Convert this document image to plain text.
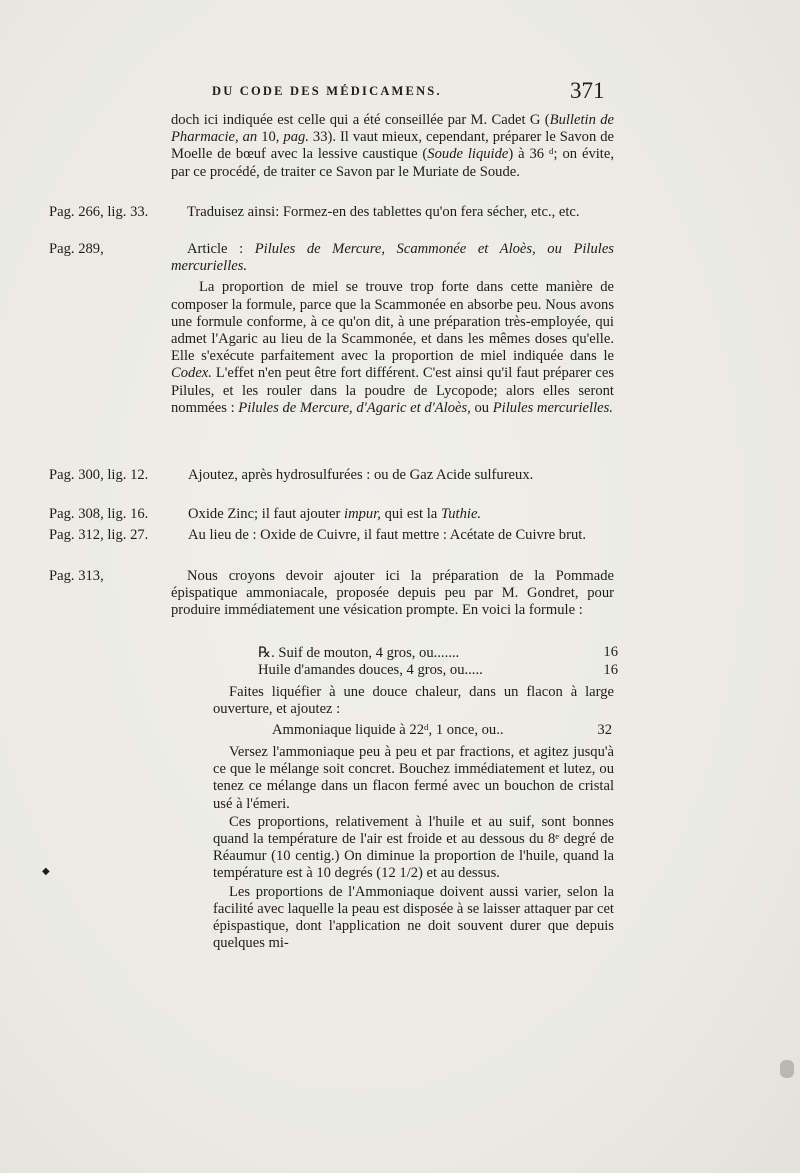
DU CODE DES MÉDICAMENS.	371

doch ici indiquée est celle qui a été conseillée par M. Cadet G (Bulletin de Pharmacie, an 10, pag. 33). Il vaut mieux, cependant, préparer le Savon de Moelle de bœuf avec la lessive caustique (Soude liquide) à 36 ᵈ; on évite, par ce procédé, de traiter ce Savon par le Muriate de Soude.

Pag. 266, lig. 33.	Traduisez ainsi: Formez-en des tablettes qu'on fera sécher, etc., etc.

Pag. 289,	Article : Pilules de Mercure, Scammonée et Aloès, ou Pilules mercurielles.

La proportion de miel se trouve trop forte dans cette manière de composer la formule, parce que la Scammonée en absorbe peu. Nous avons une formule conforme, à ce qu'on dit, à une préparation très-employée, qui admet l'Agaric au lieu de la Scammonée, et dans les mêmes doses qu'elle. Elle s'exécute parfaitement avec la proportion de miel indiquée dans le Codex. L'effet n'en peut être fort différent. C'est ainsi qu'il faut préparer ces Pilules, et les rouler dans la poudre de Lycopode; alors elles seront nommées : Pilules de Mercure, d'Agaric et d'Aloès, ou Pilules mercurielles.

Pag. 300, lig. 12.	Ajoutez, après hydrosulfurées : ou de Gaz Acide sulfureux.

Pag. 308, lig. 16.	Oxide Zinc; il faut ajouter impur, qui est la Tuthie.

Pag. 312, lig. 27.	Au lieu de : Oxide de Cuivre, il faut mettre : Acétate de Cuivre brut.

Pag. 313,	Nous croyons devoir ajouter ici la préparation de la Pommade épispatique ammoniacale, proposée depuis peu par M. Gondret, pour produire immédiatement une vésication prompte. En voici la formule :

℞. Suif de mouton, 4 gros, ou.......	16
Huile d'amandes douces, 4 gros, ou.....	16

Faites liquéfier à une douce chaleur, dans un flacon à large ouverture, et ajoutez :

Ammoniaque liquide à 22ᵈ, 1 once, ou..	32

Versez l'ammoniaque peu à peu et par fractions, et agitez jusqu'à ce que le mélange soit concret. Bouchez immédiatement et lutez, ou tenez ce mélange dans un flacon fermé avec un bouchon de cristal usé à l'émeri.

Ces proportions, relativement à l'huile et au suif, sont bonnes quand la température de l'air est froide et au dessous du 8ᵉ degré de Réaumur (10 centig.) On diminue la proportion de l'huile, quand la température est à 10 degrés (12 1/2) et au dessus.

Les proportions de l'Ammoniaque doivent aussi varier, selon la facilité avec laquelle la peau est disposée à se laisser attaquer par cet épispastique, dont l'application ne doit souvent durer que depuis quelques mi-

◆
